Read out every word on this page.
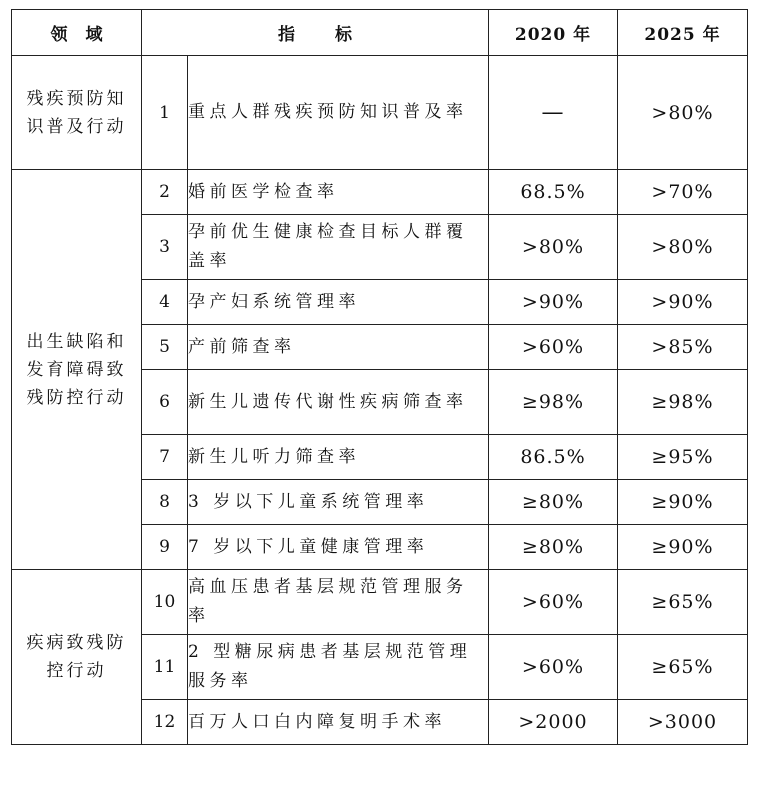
领域	指标		2020 年	2025 年
残疾预防知识普及行动	1	重点人群残疾预防知识普及率	—	>80%
出生缺陷和发育障碍致残防控行动	2	婚前医学检查率	68.5%	>70%
	3	孕前优生健康检查目标人群覆盖率	>80%	>80%
	4	孕产妇系统管理率	>90%	>90%
	5	产前筛查率	>60%	>85%
	6	新生儿遗传代谢性疾病筛查率	≥98%	≥98%
	7	新生儿听力筛查率	86.5%	≥95%
	8	3 岁以下儿童系统管理率	≥80%	≥90%
	9	7 岁以下儿童健康管理率	≥80%	≥90%
疾病致残防控行动	10	高血压患者基层规范管理服务率	>60%	≥65%
	11	2 型糖尿病患者基层规范管理服务率	>60%	≥65%
	12	百万人口白内障复明手术率	>2000	>3000
